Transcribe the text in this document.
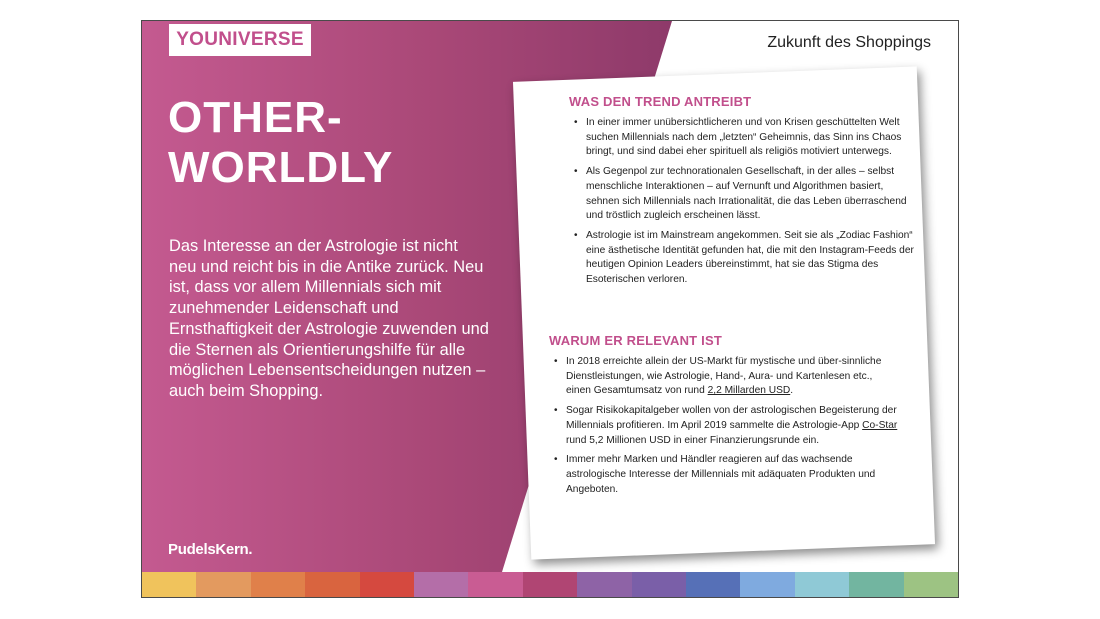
YOUNIVERSE
OTHER-
WORLDLY

Das Interesse an der Astrologie ist nicht neu und reicht bis in die Antike zurück. Neu ist, dass vor allem Millennials sich mit zunehmender Leidenschaft und Ernsthaftigkeit der Astrologie zuwenden und die Sternen als Orientierungshilfe für alle möglichen Lebensentscheidungen nutzen – auch beim Shopping.

PudelsKern.
Zukunft des Shoppings
WAS DEN TREND ANTREIBT
• In einer immer unübersichtlicheren und von Krisen geschüttelten Welt suchen Millennials nach dem „letzten“ Geheimnis, das Sinn ins Chaos bringt, und sind dabei eher spirituell als religiös motiviert unterwegs.
• Als Gegenpol zur technorationalen Gesellschaft, in der alles – selbst menschliche Interaktionen – auf Vernunft und Algorithmen basiert, sehnen sich Millennials nach Irrationalität, die das Leben überraschend und tröstlich zugleich erscheinen lässt.
• Astrologie ist im Mainstream angekommen. Seit sie als „Zodiac Fashion“ eine ästhetische Identität gefunden hat, die mit den Instagram-Feeds der heutigen Opinion Leaders übereinstimmt, hat sie das Stigma des Esoterischen verloren.
WARUM ER RELEVANT IST
• In 2018 erreichte allein der US-Markt für mystische und über-sinnliche Dienstleistungen, wie Astrologie, Hand-, Aura- und Kartenlesen etc., einen Gesamtumsatz von rund 2,2 Millarden USD.
• Sogar Risikokapitalgeber wollen von der astrologischen Begeisterung der Millennials profitieren. Im April 2019 sammelte die Astrologie-App Co-Star rund 5,2 Millionen USD in einer Finanzierungsrunde ein.
• Immer mehr Marken und Händler reagieren auf das wachsende astrologische Interesse der Millennials mit adäquaten Produkten und Angeboten.
